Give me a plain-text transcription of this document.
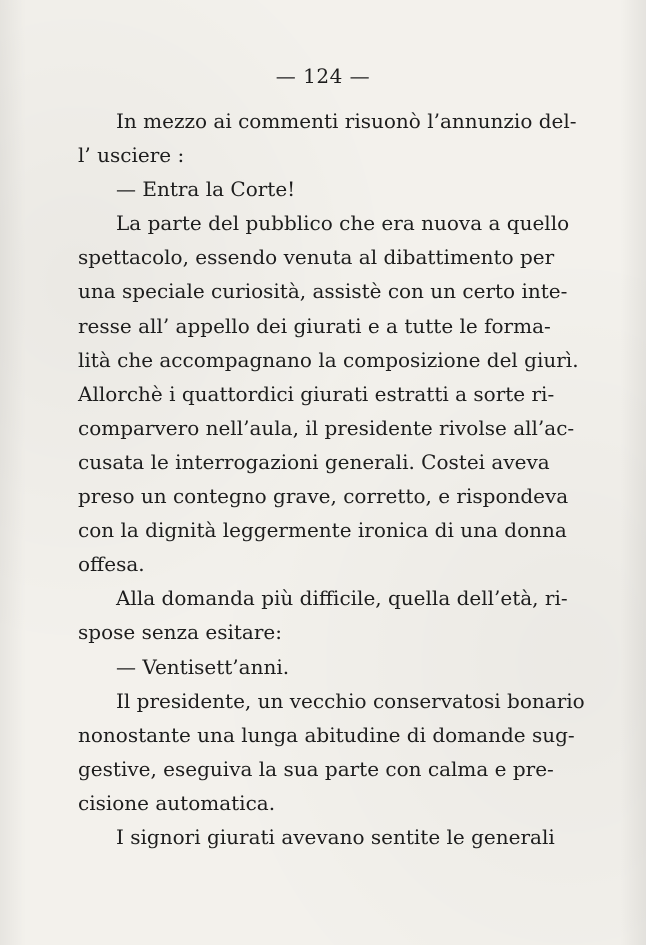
— 124 —
In mezzo ai commenti risuonò l’annunzio del-
l’ usciere :
— Entra la Corte!
La parte del pubblico che era nuova a quello
spettacolo, essendo venuta al dibattimento per
una speciale curiosità, assistè con un certo inte-
resse all’ appello dei giurati e a tutte le forma-
lità che accompagnano la composizione del giurì.
Allorchè i quattordici giurati estratti a sorte ri-
comparvero nell’aula, il presidente rivolse all’ac-
cusata le interrogazioni generali. Costei aveva
preso un contegno grave, corretto, e rispondeva
con la dignità leggermente ironica di una donna
offesa.
Alla domanda più difficile, quella dell’età, ri-
spose senza esitare:
— Ventisett’anni.
Il presidente, un vecchio conservatosi bonario
nonostante una lunga abitudine di domande sug-
gestive, eseguiva la sua parte con calma e pre-
cisione automatica.
I signori giurati avevano sentite le generali
